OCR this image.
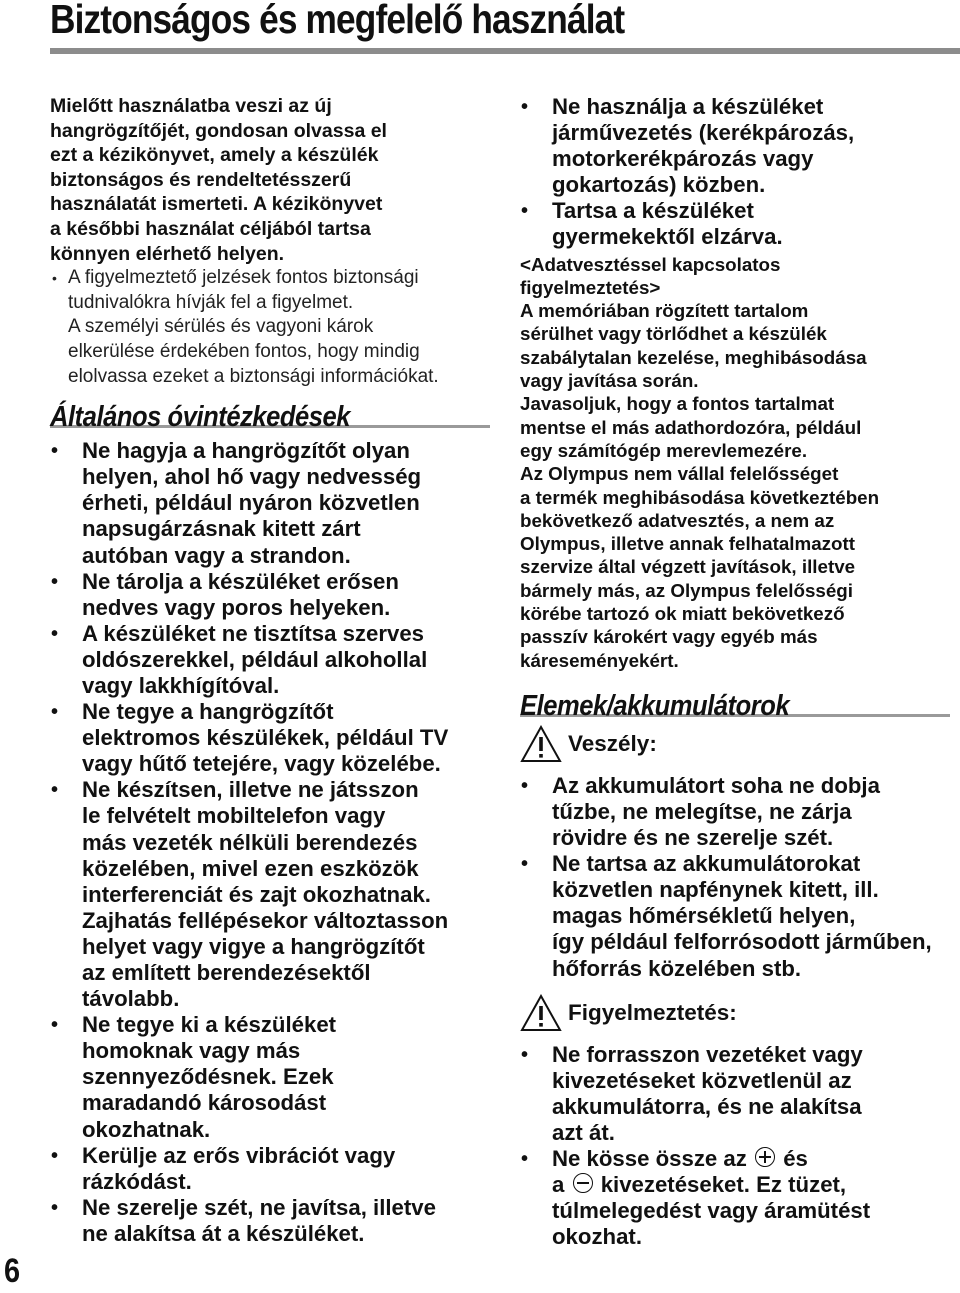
Biztonságos és megfelelő használat
Mielőtt használatba veszi az új
hangrögzítőjét, gondosan olvassa el
ezt a kézikönyvet, amely a készülék
biztonságos és rendeltetésszerű
használatát ismerteti. A kézikönyvet
a későbbi használat céljából tartsa
könnyen elérhető helyen.
• A figyelmeztető jelzések fontos biztonsági
tudnivalókra hívják fel a figyelmet.
A személyi sérülés és vagyoni károk
elkerülése érdekében fontos, hogy mindig
elolvassa ezeket a biztonsági információkat.
Általános óvintézkedések
• Ne hagyja a hangrögzítőt olyan
helyen, ahol hő vagy nedvesség
érheti, például nyáron közvetlen
napsugárzásnak kitett zárt
autóban vagy a strandon.
• Ne tárolja a készüléket erősen
nedves vagy poros helyeken.
• A készüléket ne tisztítsa szerves
oldószerekkel, például alkohollal
vagy lakkhígítóval.
• Ne tegye a hangrögzítőt
elektromos készülékek, például TV
vagy hűtő tetejére, vagy közelébe.
• Ne készítsen, illetve ne játsszon
le felvételt mobiltelefon vagy
más vezeték nélküli berendezés
közelében, mivel ezen eszközök
interferenciát és zajt okozhatnak.
Zajhatás fellépésekor változtasson
helyet vagy vigye a hangrögzítőt
az említett berendezésektől
távolabb.
• Ne tegye ki a készüléket
homoknak vagy más
szennyeződésnek. Ezek
maradandó károsodást
okozhatnak.
• Kerülje az erős vibrációt vagy
rázkódást.
• Ne szerelje szét, ne javítsa, illetve
ne alakítsa át a készüléket.
• Ne használja a készüléket
járművezetés (kerékpározás,
motorkerékpározás vagy
gokartozás) közben.
• Tartsa a készüléket
gyermekektől elzárva.
<Adatvesztéssel kapcsolatos
figyelmeztetés>
A memóriában rögzített tartalom
sérülhet vagy törlődhet a készülék
szabálytalan kezelése, meghibásodása
vagy javítása során.
Javasoljuk, hogy a fontos tartalmat
mentse el más adathordozóra, például
egy számítógép merevlemezére.
Az Olympus nem vállal felelősséget
a termék meghibásodása következtében
bekövetkező adatvesztés, a nem az
Olympus, illetve annak felhatalmazott
szervize által végzett javítások, illetve
bármely más, az Olympus felelősségi
körébe tartozó ok miatt bekövetkező
passzív károkért vagy egyéb más
káreseményekért.
Elemek/akkumulátorok
Veszély:
• Az akkumulátort soha ne dobja
tűzbe, ne melegítse, ne zárja
rövidre és ne szerelje szét.
• Ne tartsa az akkumulátorokat
közvetlen napfénynek kitett, ill.
magas hőmérsékletű helyen,
így például felforrósodott járműben,
hőforrás közelében stb.
Figyelmeztetés:
• Ne forrasszon vezetéket vagy
kivezetéseket közvetlenül az
akkumulátorra, és ne alakítsa
azt át.
• Ne kösse össze az és
a kivezetéseket. Ez tüzet,
túlmelegedést vagy áramütést
okozhat.
6
